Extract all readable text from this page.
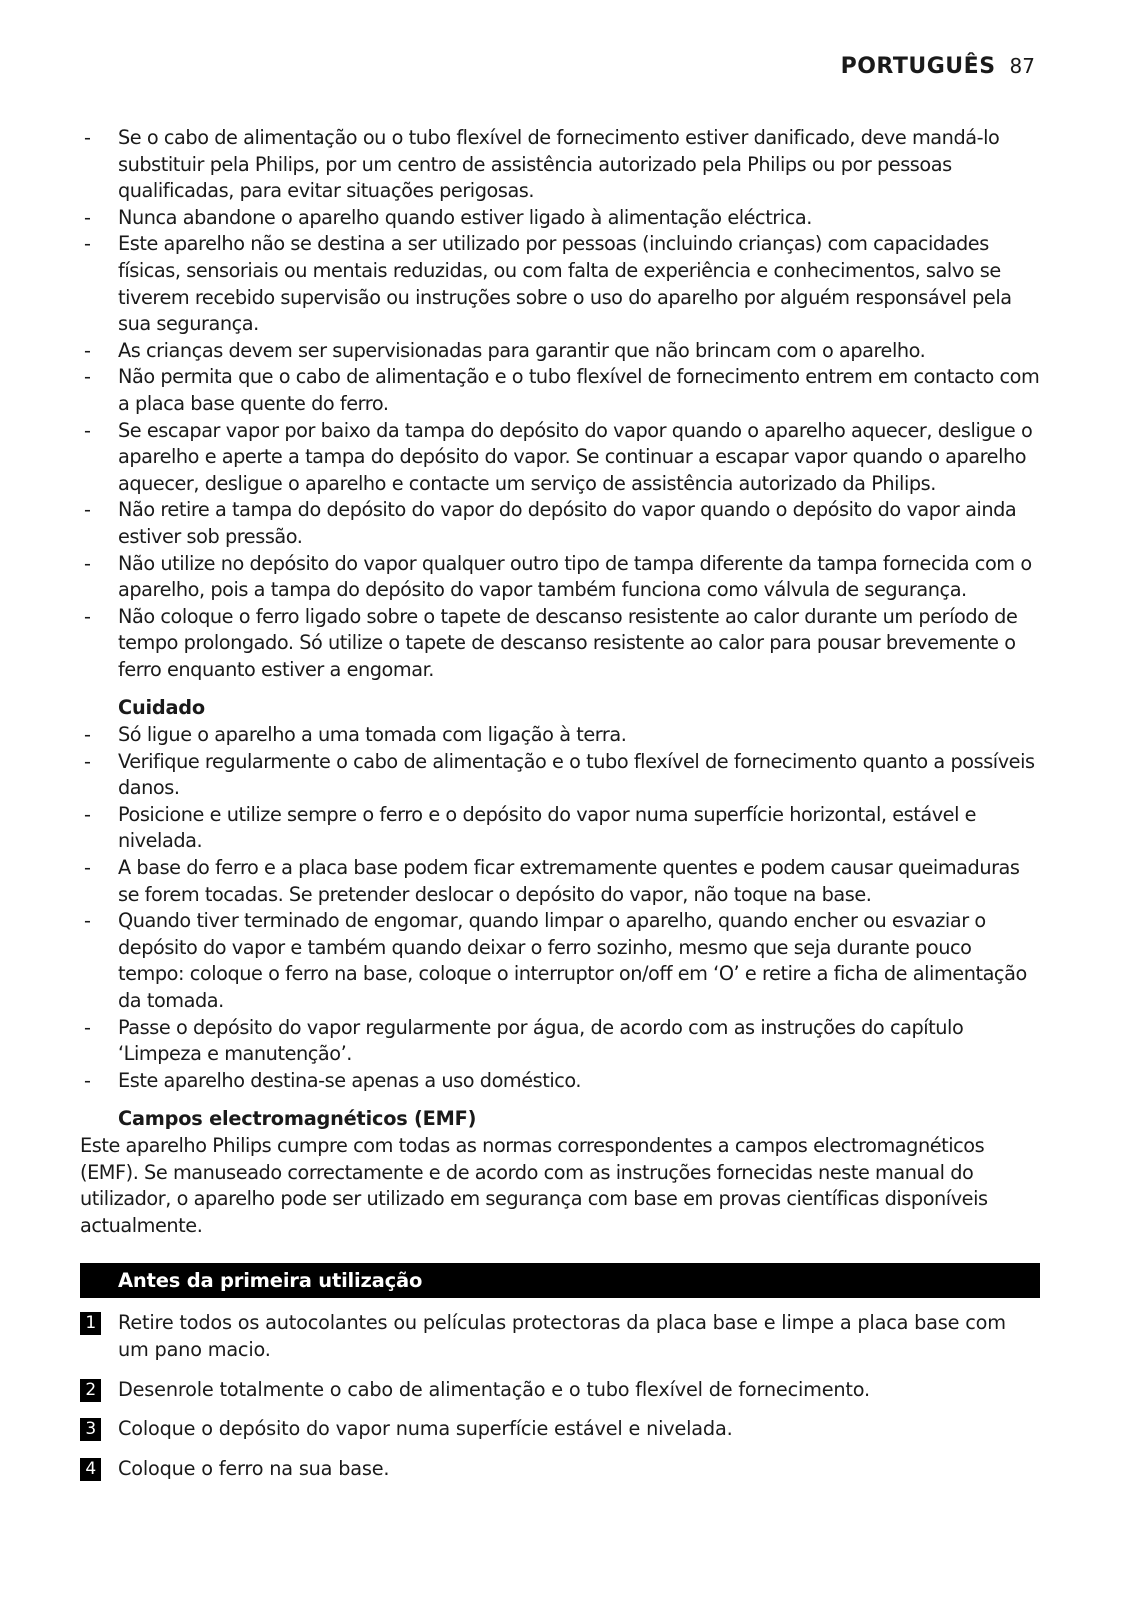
PORTUGUÊS 87
- Se o cabo de alimentação ou o tubo flexível de fornecimento estiver danificado, deve mandá-lo substituir pela Philips, por um centro de assistência autorizado pela Philips ou por pessoas qualificadas, para evitar situações perigosas.
- Nunca abandone o aparelho quando estiver ligado à alimentação eléctrica.
- Este aparelho não se destina a ser utilizado por pessoas (incluindo crianças) com capacidades físicas, sensoriais ou mentais reduzidas, ou com falta de experiência e conhecimentos, salvo se tiverem recebido supervisão ou instruções sobre o uso do aparelho por alguém responsável pela sua segurança.
- As crianças devem ser supervisionadas para garantir que não brincam com o aparelho.
- Não permita que o cabo de alimentação e o tubo flexível de fornecimento entrem em contacto com a placa base quente do ferro.
- Se escapar vapor por baixo da tampa do depósito do vapor quando o aparelho aquecer, desligue o aparelho e aperte a tampa do depósito do vapor. Se continuar a escapar vapor quando o aparelho aquecer, desligue o aparelho e contacte um serviço de assistência autorizado da Philips.
- Não retire a tampa do depósito do vapor do depósito do vapor quando o depósito do vapor ainda estiver sob pressão.
- Não utilize no depósito do vapor qualquer outro tipo de tampa diferente da tampa fornecida com o aparelho, pois a tampa do depósito do vapor também funciona como válvula de segurança.
- Não coloque o ferro ligado sobre o tapete de descanso resistente ao calor durante um período de tempo prolongado. Só utilize o tapete de descanso resistente ao calor para pousar brevemente o ferro enquanto estiver a engomar.
Cuidado
- Só ligue o aparelho a uma tomada com ligação à terra.
- Verifique regularmente o cabo de alimentação e o tubo flexível de fornecimento quanto a possíveis danos.
- Posicione e utilize sempre o ferro e o depósito do vapor numa superfície horizontal, estável e nivelada.
- A base do ferro e a placa base podem ficar extremamente quentes e podem causar queimaduras se forem tocadas. Se pretender deslocar o depósito do vapor, não toque na base.
- Quando tiver terminado de engomar, quando limpar o aparelho, quando encher ou esvaziar o depósito do vapor e também quando deixar o ferro sozinho, mesmo que seja durante pouco tempo: coloque o ferro na base, coloque o interruptor on/off em ‘O’ e retire a ficha de alimentação da tomada.
- Passe o depósito do vapor regularmente por água, de acordo com as instruções do capítulo ‘Limpeza e manutenção’.
- Este aparelho destina-se apenas a uso doméstico.
Campos electromagnéticos (EMF)

Este aparelho Philips cumpre com todas as normas correspondentes a campos electromagnéticos (EMF). Se manuseado correctamente e de acordo com as instruções fornecidas neste manual do utilizador, o aparelho pode ser utilizado em segurança com base em provas científicas disponíveis actualmente.

Antes da primeira utilização
1	Retire todos os autocolantes ou películas protectoras da placa base e limpe a placa base com um pano macio.
2	Desenrole totalmente o cabo de alimentação e o tubo flexível de fornecimento.
3	Coloque o depósito do vapor numa superfície estável e nivelada.
4	Coloque o ferro na sua base.
